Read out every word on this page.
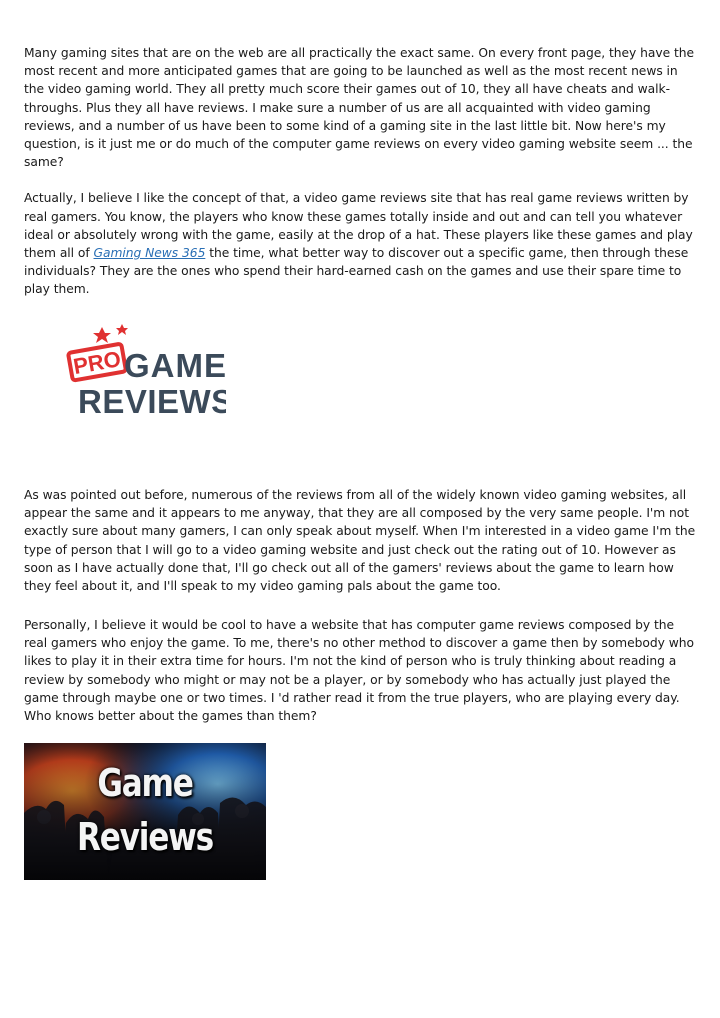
Many gaming sites that are on the web are all practically the exact same. On every front page, they have the most recent and more anticipated games that are going to be launched as well as the most recent news in the video gaming world. They all pretty much score their games out of 10, they all have cheats and walk-throughs. Plus they all have reviews. I make sure a number of us are all acquainted with video gaming reviews, and a number of us have been to some kind of a gaming site in the last little bit. Now here's my question, is it just me or do much of the computer game reviews on every video gaming website seem ... the same?

Actually, I believe I like the concept of that, a video game reviews site that has real game reviews written by real gamers. You know, the players who know these games totally inside and out and can tell you whatever ideal or absolutely wrong with the game, easily at the drop of a hat. These players like these games and play them all of Gaming News 365 the time, what better way to discover out a specific game, then through these individuals? They are the ones who spend their hard-earned cash on the games and use their spare time to play them.

PRO GAME
REVIEWS

As was pointed out before, numerous of the reviews from all of the widely known video gaming websites, all appear the same and it appears to me anyway, that they are all composed by the very same people. I'm not exactly sure about many gamers, I can only speak about myself. When I'm interested in a video game I'm the type of person that I will go to a video gaming website and just check out the rating out of 10. However as soon as I have actually done that, I'll go check out all of the gamers' reviews about the game to learn how they feel about it, and I'll speak to my video gaming pals about the game too.

Personally, I believe it would be cool to have a website that has computer game reviews composed by the real gamers who enjoy the game. To me, there's no other method to discover a game then by somebody who likes to play it in their extra time for hours. I'm not the kind of person who is truly thinking about reading a review by somebody who might or may not be a player, or by somebody who has actually just played the game through maybe one or two times. I 'd rather read it from the true players, who are playing every day. Who knows better about the games than them?

Game
Reviews
